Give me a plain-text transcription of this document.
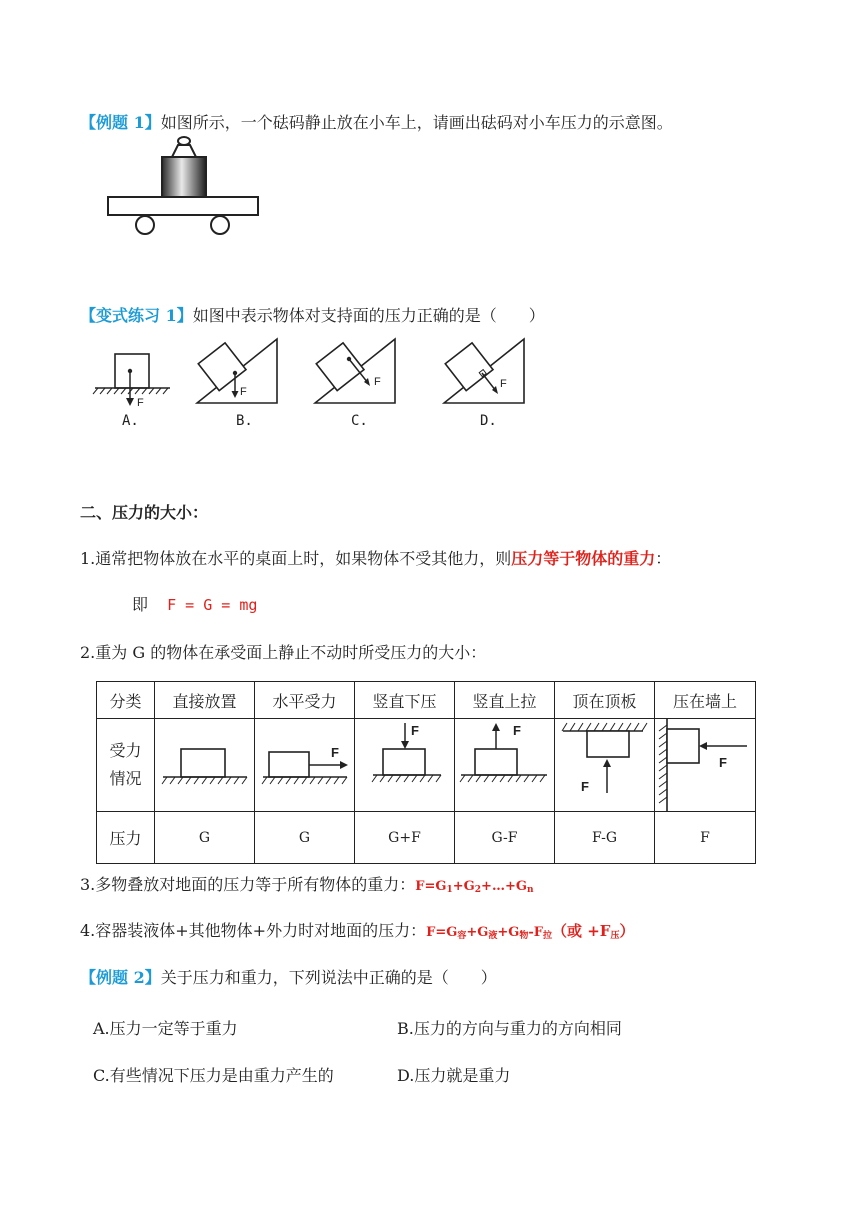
【例题 1】如图所示，一个砝码静止放在小车上，请画出砝码对小车压力的示意图。
【变式练习 1】如图中表示物体对支持面的压力正确的是（　　）
F
A.
F
B.
F
C.
F
D.
二、压力的大小：
1.通常把物体放在水平的桌面上时，如果物体不受其他力，则压力等于物体的重力：
即 F = G = mg
2.重为 G 的物体在承受面上静止不动时所受压力的大小：
分类	直接放置	水平受力	竖直下压	竖直上拉	顶在顶板	压在墙上
受力
情况		F	F	F	F	F

压力	G	G	G+F	G-F	F-G	F
3.多物叠放对地面的压力等于所有物体的重力：$F=G_1+G_2+\dots+G_n$
4.容器装液体+其他物体+外力时对地面的压力：$F=G_容+G_液+G_物-F_拉$（或 $+F_压$）
【例题 2】关于压力和重力，下列说法中正确的是（　　）
A.压力一定等于重力	B.压力的方向与重力的方向相同
C.有些情况下压力是由重力产生的	D.压力就是重力
